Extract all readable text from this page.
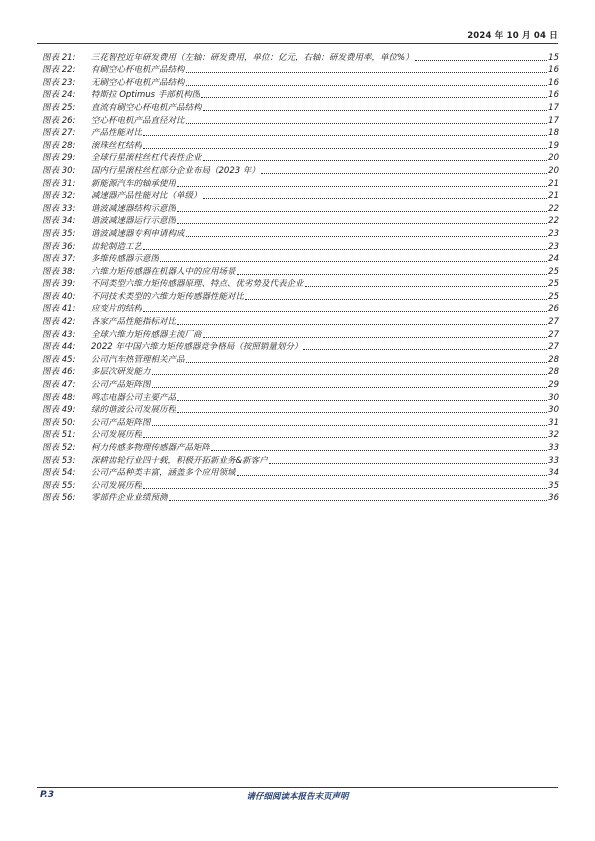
2024 年 10 月 04 日
图表 21:	三花智控近年研发费用（左轴：研发费用，单位：亿元，右轴：研发费用率，单位%）	15
图表 22:	有刷空心杯电机产品结构	16
图表 23:	无刷空心杯电机产品结构	16
图表 24:	特斯拉 Optimus 手部机构图	16
图表 25:	直流有刷空心杯电机产品结构	17
图表 26:	空心杯电机产品直径对比	17
图表 27:	产品性能对比	18
图表 28:	滚珠丝杠结构	19
图表 29:	全球行星滚柱丝杠代表性企业	20
图表 30:	国内行星滚柱丝杠部分企业布局（2023 年）	20
图表 31:	新能源汽车的轴承使用	21
图表 32:	减速器产品性能对比（单级）	21
图表 33:	谐波减速器结构示意图	22
图表 34:	谐波减速器运行示意图	22
图表 35:	谐波减速器专利申请构成	23
图表 36:	齿轮制造工艺	23
图表 37:	多维传感器示意图	24
图表 38:	六维力矩传感器在机器人中的应用场景	25
图表 39:	不同类型六维力矩传感器原理、特点、优劣势及代表企业	25
图表 40:	不同技术类型的六维力矩传感器性能对比	25
图表 41:	应变片的结构	26
图表 42:	各家产品性能指标对比	27
图表 43:	全球六维力矩传感器主流厂商	27
图表 44:	2022 年中国六维力矩传感器竞争格局（按照销量划分）	27
图表 45:	公司汽车热管理相关产品	28
图表 46:	多层次研发能力	28
图表 47:	公司产品矩阵图	29
图表 48:	鸣志电器公司主要产品	30
图表 49:	绿的谐波公司发展历程	30
图表 50:	公司产品矩阵图	31
图表 51:	公司发展历程	32
图表 52:	柯力传感多物理传感器产品矩阵	33
图表 53:	深耕齿轮行业四十载，积极开拓新业务&新客户	33
图表 54:	公司产品种类丰富，涵盖多个应用领域	34
图表 55:	公司发展历程	35
图表 56:	零部件企业业绩预测	36
P.3	请仔细阅读本报告末页声明
